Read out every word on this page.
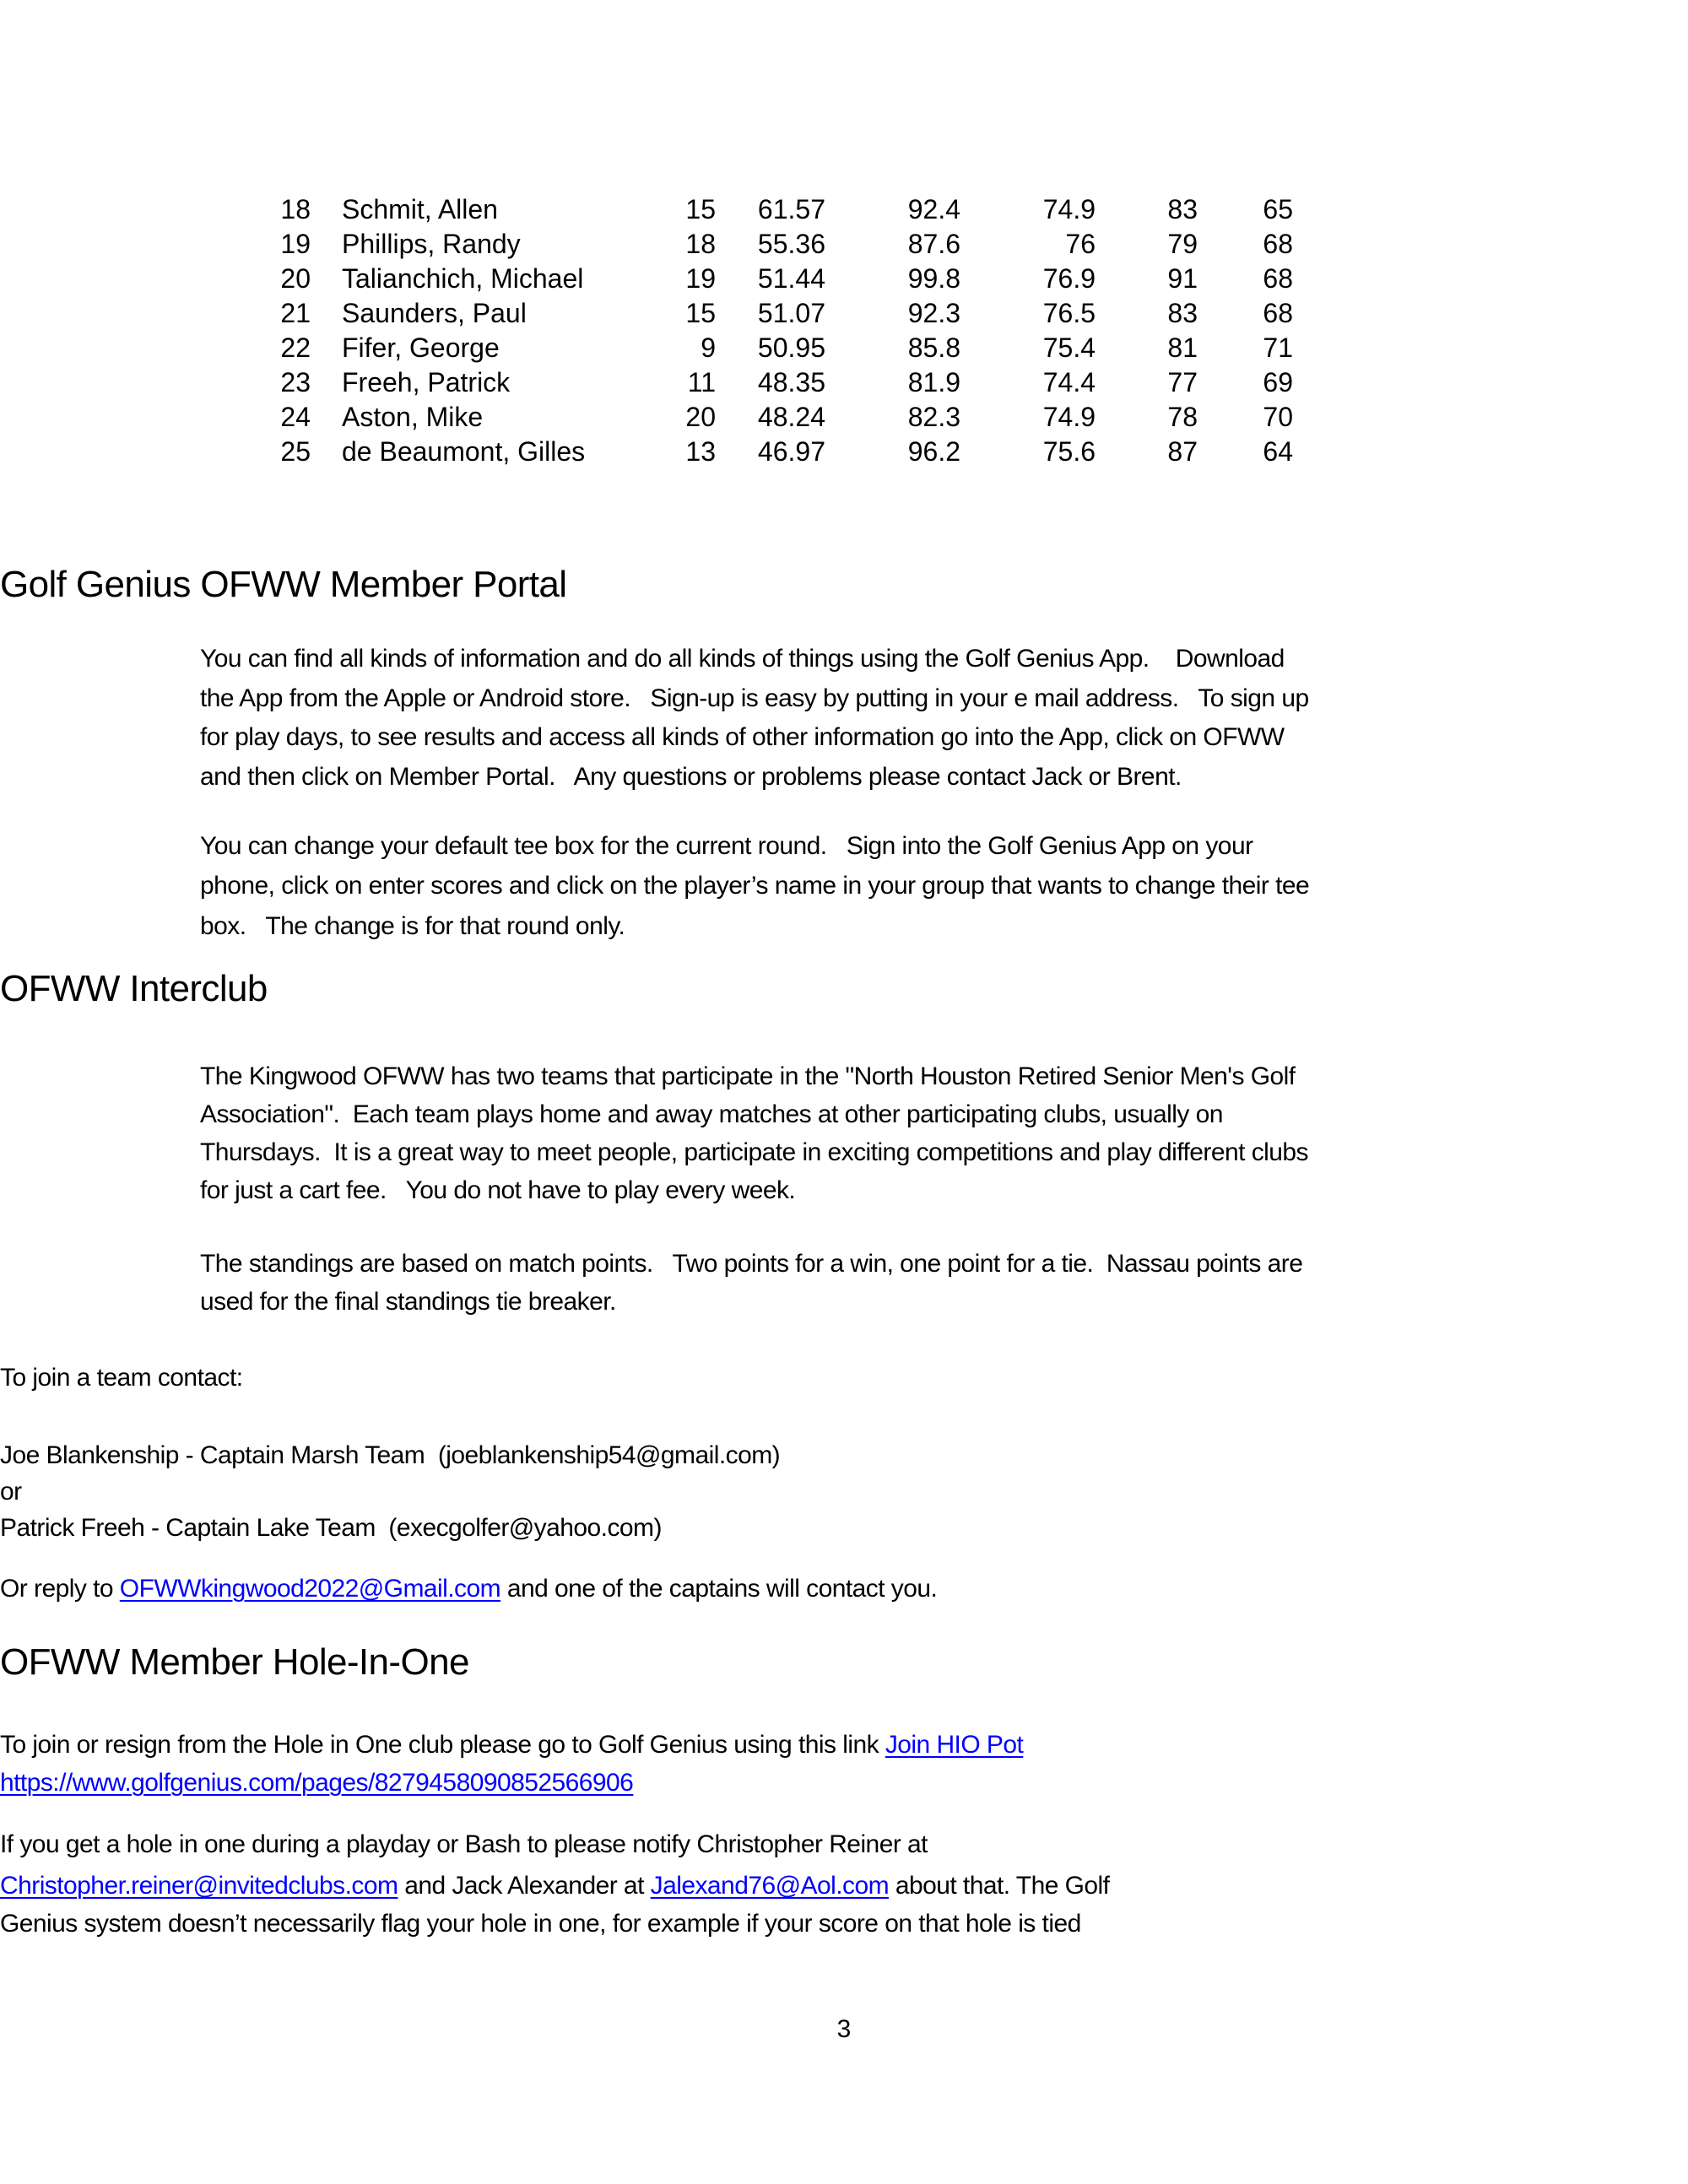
18 Schmit, Allen	15	61.57	92.4	74.9	83	65
19 Phillips, Randy	18	55.36	87.6	76	79	68
20 Talianchich, Michael	19	51.44	99.8	76.9	91	68
21 Saunders, Paul	15	51.07	92.3	76.5	83	68
22 Fifer, George	9	50.95	85.8	75.4	81	71
23 Freeh, Patrick	11	48.35	81.9	74.4	77	69
24 Aston, Mike	20	48.24	82.3	74.9	78	70
25 de Beaumont, Gilles	13	46.97	96.2	75.6	87	64
Golf Genius OFWW Member Portal

You can find all kinds of information and do all kinds of things using the Golf Genius App.    Download

the App from the Apple or Android store.   Sign-up is easy by putting in your e mail address.   To sign up

for play days, to see results and access all kinds of other information go into the App, click on OFWW

and then click on Member Portal.   Any questions or problems please contact Jack or Brent.

You can change your default tee box for the current round.   Sign into the Golf Genius App on your

phone, click on enter scores and click on the player’s name in your group that wants to change their tee

box.   The change is for that round only.

OFWW Interclub

The Kingwood OFWW has two teams that participate in the "North Houston Retired Senior Men's Golf

Association".  Each team plays home and away matches at other participating clubs, usually on

Thursdays.  It is a great way to meet people, participate in exciting competitions and play different clubs

for just a cart fee.   You do not have to play every week.

The standings are based on match points.   Two points for a win, one point for a tie.  Nassau points are

used for the final standings tie breaker.

To join a team contact:
Joe Blankenship - Captain Marsh Team  (joeblankenship54@gmail.com)
or
Patrick Freeh - Captain Lake Team  (execgolfer@yahoo.com)
Or reply to OFWWkingwood2022@Gmail.com and one of the captains will contact you.
OFWW Member Hole-In-One
To join or resign from the Hole in One club please go to Golf Genius using this link Join HIO Pot
https://www.golfgenius.com/pages/8279458090852566906
If you get a hole in one during a playday or Bash to please notify Christopher Reiner at
Christopher.reiner@invitedclubs.com and Jack Alexander at Jalexand76@Aol.com about that. The Golf
Genius system doesn’t necessarily flag your hole in one, for example if your score on that hole is tied
3
